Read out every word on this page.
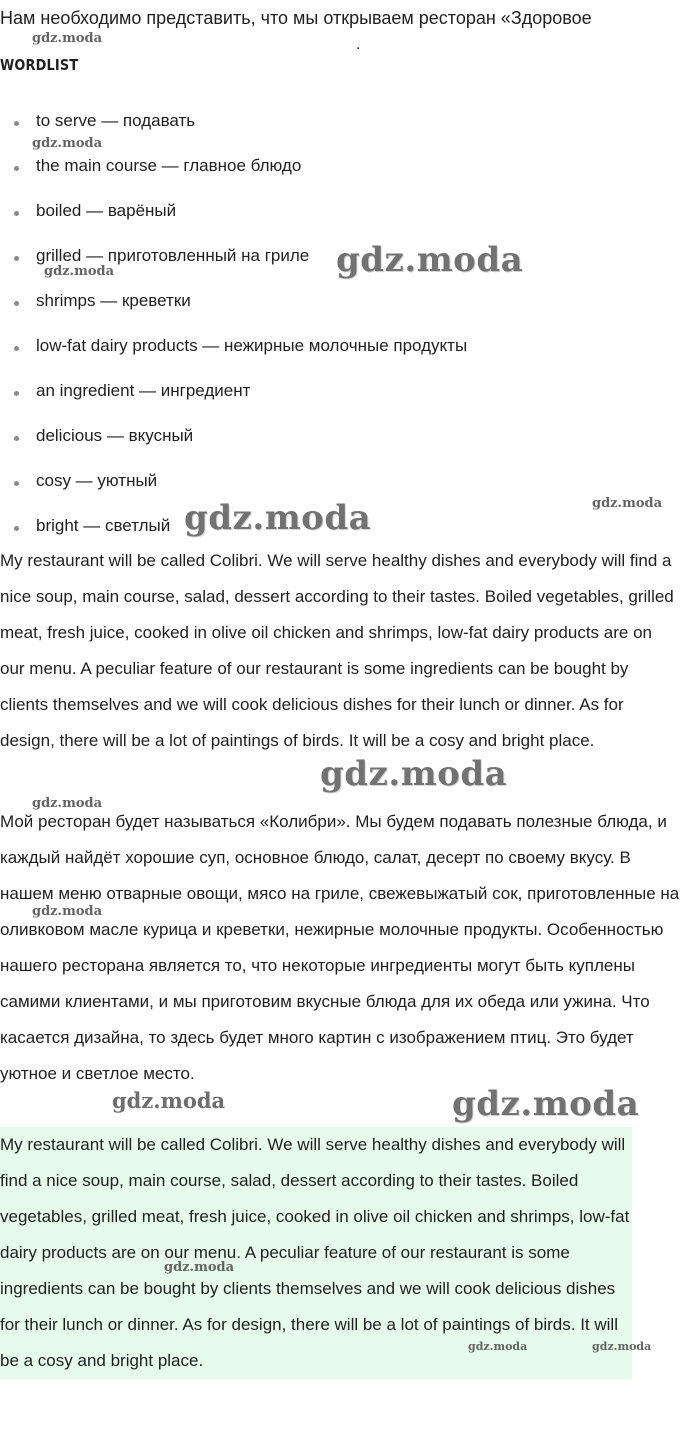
Нам необходимо представить, что мы открываем ресторан «Здоровое
.
WORDLIST
to serve — подавать
the main course — главное блюдо
boiled — варёный
grilled — приготовленный на гриле
shrimps — креветки
low-fat dairy products — нежирные молочные продукты
an ingredient — ингредиент
delicious — вкусный
cosy — уютный
bright — светлый

My restaurant will be called Colibri. We will serve healthy dishes and everybody will find a nice soup, main course, salad, dessert according to their tastes. Boiled vegetables, grilled meat, fresh juice, cooked in olive oil chicken and shrimps, low-fat dairy products are on our menu. A peculiar feature of our restaurant is some ingredients can be bought by clients themselves and we will cook delicious dishes for their lunch or dinner. As for design, there will be a lot of paintings of birds. It will be a cosy and bright place.

Мой ресторан будет называться «Колибри». Мы будем подавать полезные блюда, и каждый найдёт хорошие суп, основное блюдо, салат, десерт по своему вкусу. В нашем меню отварные овощи, мясо на гриле, свежевыжатый сок, приготовленные на оливковом масле курица и креветки, нежирные молочные продукты. Особенностью нашего ресторана является то, что некоторые ингредиенты могут быть куплены самими клиентами, и мы приготовим вкусные блюда для их обеда или ужина. Что касается дизайна, то здесь будет много картин с изображением птиц. Это будет уютное и светлое место.

My restaurant will be called Colibri. We will serve healthy dishes and everybody will find a nice soup, main course, salad, dessert according to their tastes. Boiled vegetables, grilled meat, fresh juice, cooked in olive oil chicken and shrimps, low-fat dairy products are on our menu. A peculiar feature of our restaurant is some ingredients can be bought by clients themselves and we will cook delicious dishes for their lunch or dinner. As for design, there will be a lot of paintings of birds. It will be a cosy and bright place.

gdz.moda
gdz.moda
gdz.moda	gdz.moda
gdz.moda
gdz.moda
gdz.moda
gdz.moda
gdz.moda
gdz.moda	gdz.moda
gdz.moda
gdz.moda	gdz.moda
